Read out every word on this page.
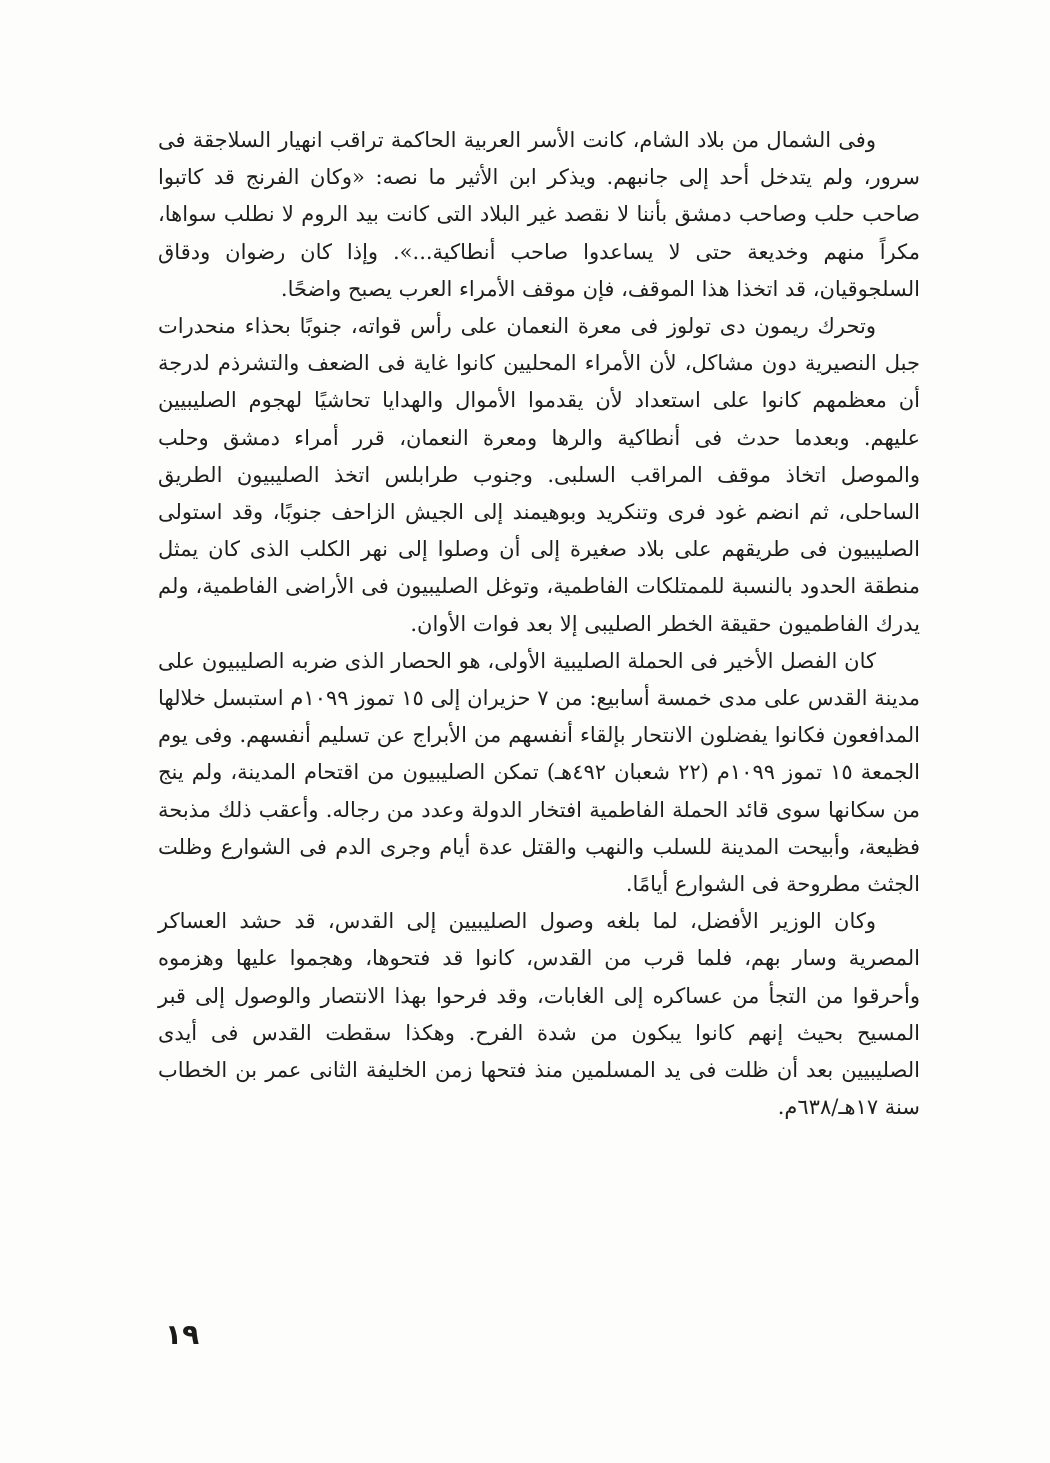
وفى الشمال من بلاد الشام، كانت الأسر العربية الحاكمة تراقب انهيار السلاجقة فى سرور، ولم يتدخل أحد إلى جانبهم. ويذكر ابن الأثير ما نصه: «وكان الفرنج قد كاتبوا صاحب حلب وصاحب دمشق بأننا لا نقصد غير البلاد التى كانت بيد الروم لا نطلب سواها، مكراً منهم وخديعة حتى لا يساعدوا صاحب أنطاكية...». وإذا كان رضوان ودقاق السلجوقيان، قد اتخذا هذا الموقف، فإن موقف الأمراء العرب يصبح واضحًا.

وتحرك ريمون دى تولوز فى معرة النعمان على رأس قواته، جنوبًا بحذاء منحدرات جبل النصيرية دون مشاكل، لأن الأمراء المحليين كانوا غاية فى الضعف والتشرذم لدرجة أن معظمهم كانوا على استعداد لأن يقدموا الأموال والهدايا تحاشيًا لهجوم الصليبيين عليهم. وبعدما حدث فى أنطاكية والرها ومعرة النعمان، قرر أمراء دمشق وحلب والموصل اتخاذ موقف المراقب السلبى. وجنوب طرابلس اتخذ الصليبيون الطريق الساحلى، ثم انضم غود فرى وتنكريد وبوهيمند إلى الجيش الزاحف جنوبًا، وقد استولى الصليبيون فى طريقهم على بلاد صغيرة إلى أن وصلوا إلى نهر الكلب الذى كان يمثل منطقة الحدود بالنسبة للممتلكات الفاطمية، وتوغل الصليبيون فى الأراضى الفاطمية، ولم يدرك الفاطميون حقيقة الخطر الصليبى إلا بعد فوات الأوان.

كان الفصل الأخير فى الحملة الصليبية الأولى، هو الحصار الذى ضربه الصليبيون على مدينة القدس على مدى خمسة أسابيع: من ٧ حزيران إلى ١٥ تموز ١٠٩٩م استبسل خلالها المدافعون فكانوا يفضلون الانتحار بإلقاء أنفسهم من الأبراج عن تسليم أنفسهم. وفى يوم الجمعة ١٥ تموز ١٠٩٩م (٢٢ شعبان ٤٩٢هـ) تمكن الصليبيون من اقتحام المدينة، ولم ينج من سكانها سوى قائد الحملة الفاطمية افتخار الدولة وعدد من رجاله. وأعقب ذلك مذبحة فظيعة، وأبيحت المدينة للسلب والنهب والقتل عدة أيام وجرى الدم فى الشوارع وظلت الجثث مطروحة فى الشوارع أيامًا.

وكان الوزير الأفضل، لما بلغه وصول الصليبيين إلى القدس، قد حشد العساكر المصرية وسار بهم، فلما قرب من القدس، كانوا قد فتحوها، وهجموا عليها وهزموه وأحرقوا من التجأ من عساكره إلى الغابات، وقد فرحوا بهذا الانتصار والوصول إلى قبر المسيح بحيث إنهم كانوا يبكون من شدة الفرح. وهكذا سقطت القدس فى أيدى الصليبيين بعد أن ظلت فى يد المسلمين منذ فتحها زمن الخليفة الثانى عمر بن الخطاب سنة ١٧هـ/٦٣٨م.

١٩
